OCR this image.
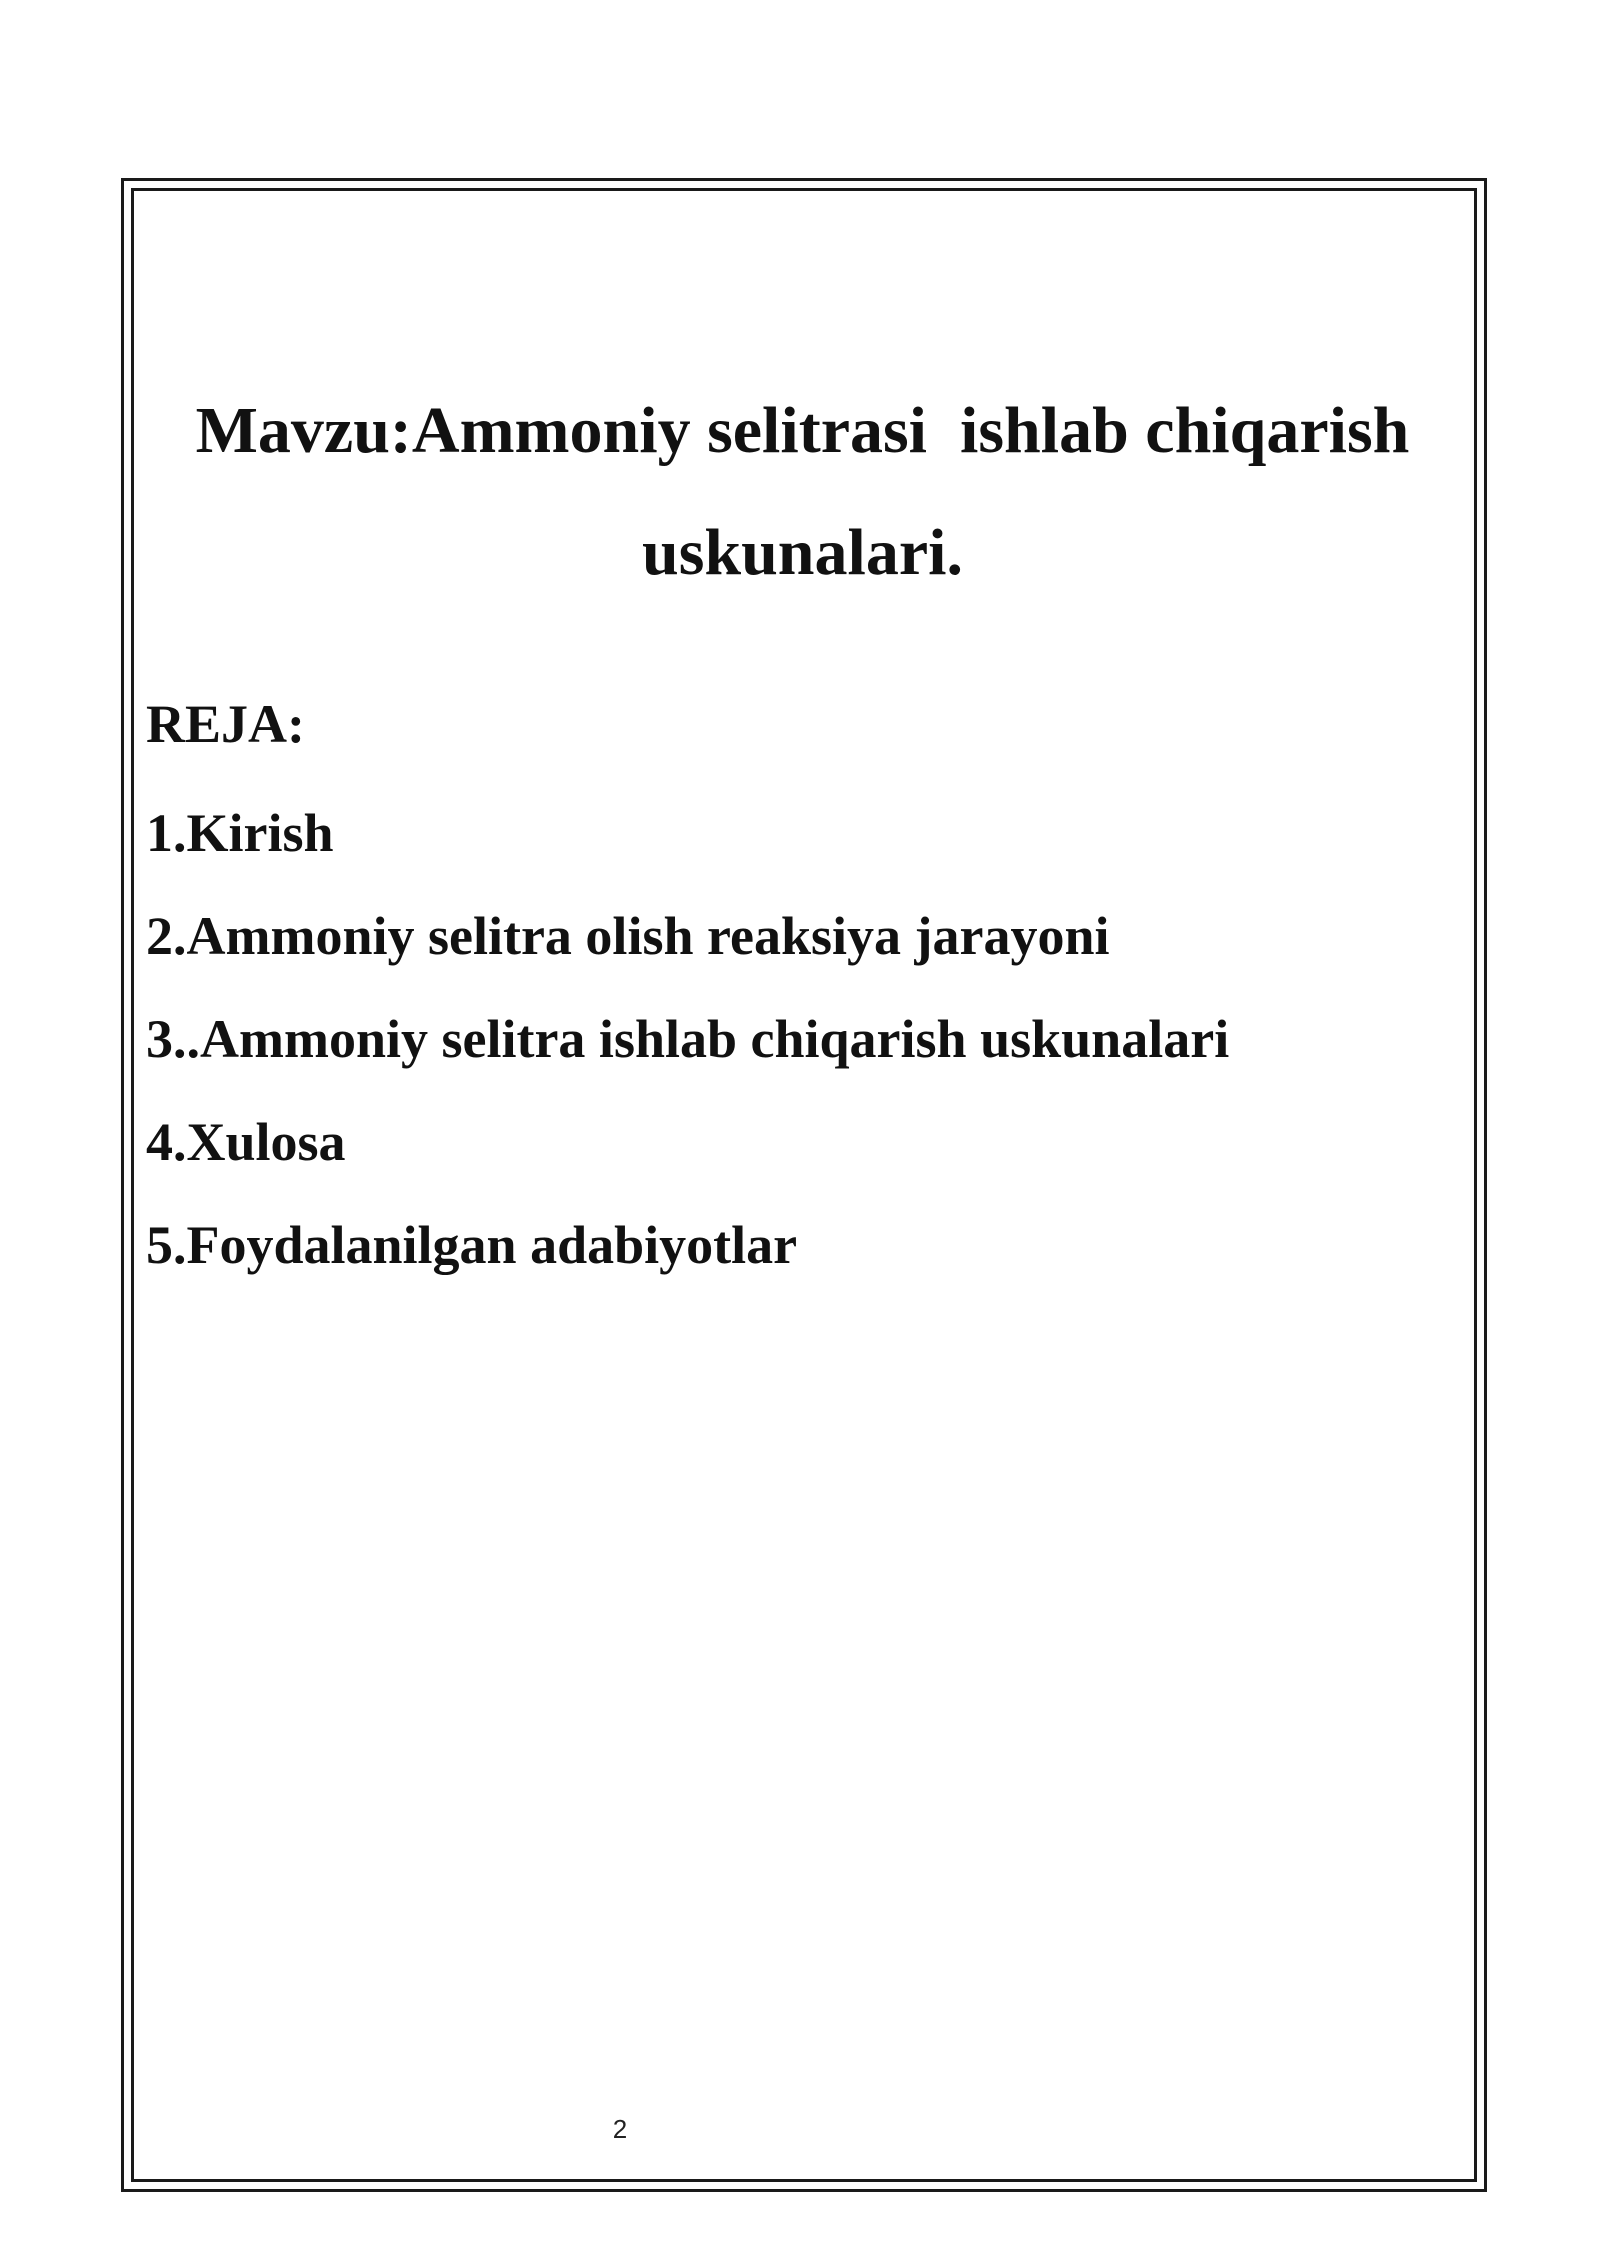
Mavzu:Ammoniy selitrasi  ishlab chiqarish
uskunalari.
REJA:
1.Kirish
2.Ammoniy selitra olish reaksiya jarayoni
3..Ammoniy selitra ishlab chiqarish uskunalari
4.Xulosa
5.Foydalanilgan adabiyotlar
2
